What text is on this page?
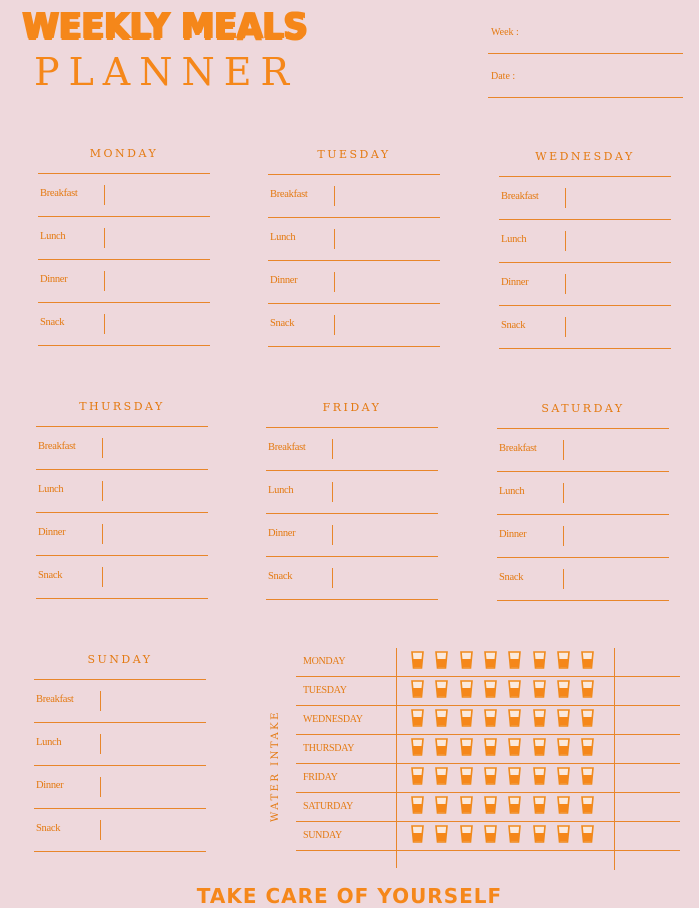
WEEKLY MEALS
PLANNER
Week :
Date :
MONDAY
Breakfast
Lunch
Dinner
Snack
TUESDAY
Breakfast
Lunch
Dinner
Snack
WEDNESDAY
Breakfast
Lunch
Dinner
Snack
THURSDAY
Breakfast
Lunch
Dinner
Snack
FRIDAY
Breakfast
Lunch
Dinner
Snack
SATURDAY
Breakfast
Lunch
Dinner
Snack
SUNDAY
Breakfast
Lunch
Dinner
Snack
WATER INTAKE
MONDAY
TUESDAY
WEDNESDAY
THURSDAY
FRIDAY
SATURDAY
SUNDAY
TAKE CARE OF YOURSELF
